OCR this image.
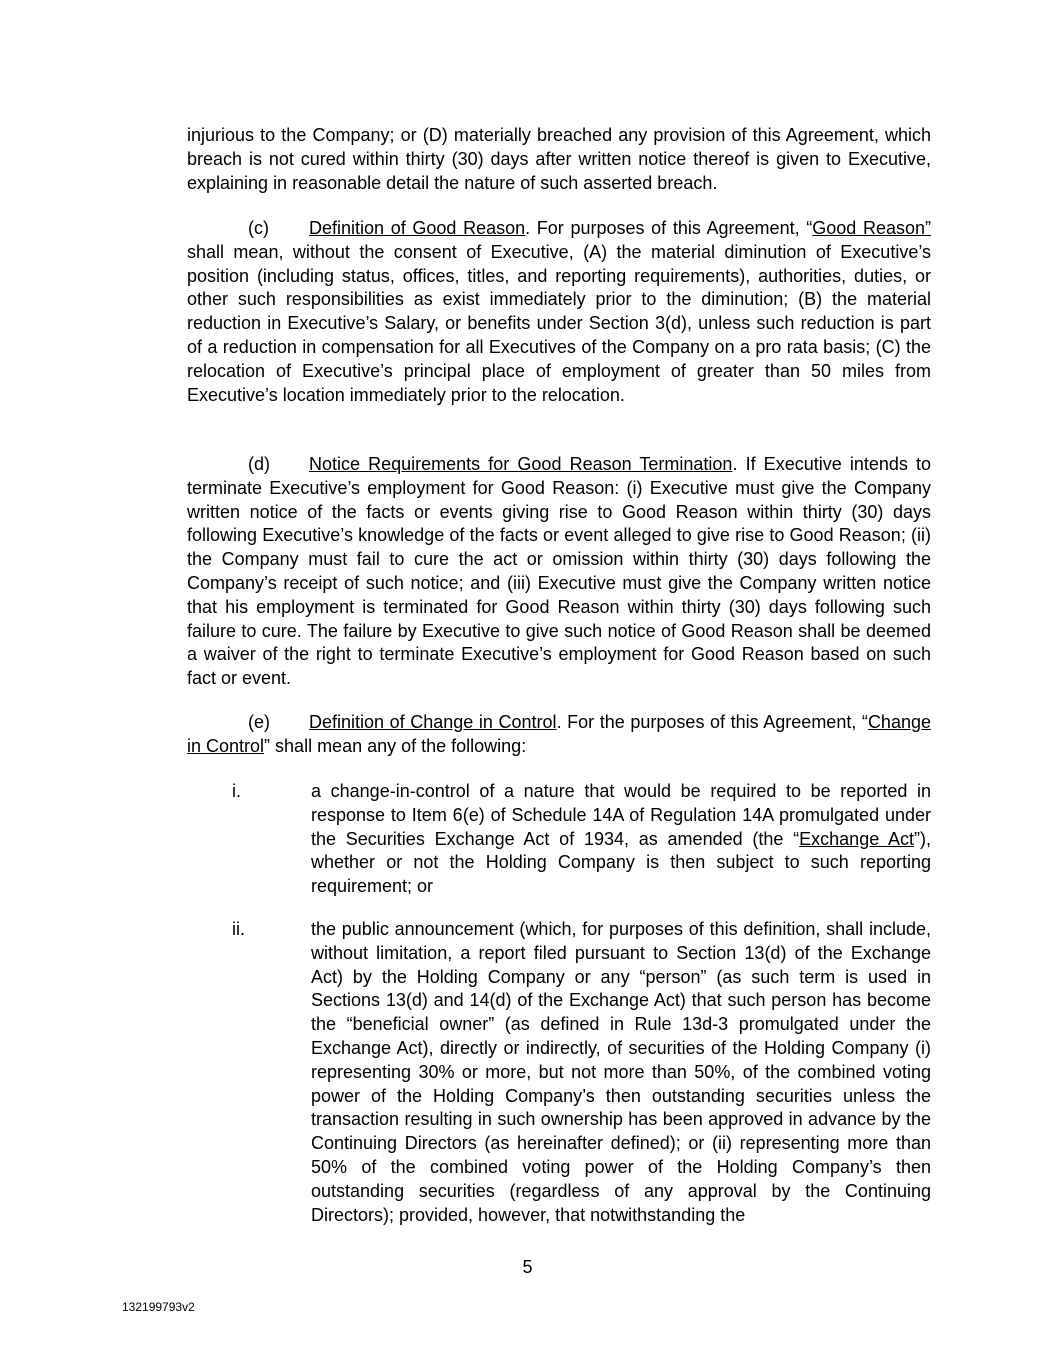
injurious to the Company; or (D) materially breached any provision of this Agreement, which breach is not cured within thirty (30) days after written notice thereof is given to Executive, explaining in reasonable detail the nature of such asserted breach.
(c) Definition of Good Reason. For purposes of this Agreement, “Good Reason” shall mean, without the consent of Executive, (A) the material diminution of Executive’s position (including status, offices, titles, and reporting requirements), authorities, duties, or other such responsibilities as exist immediately prior to the diminution; (B) the material reduction in Executive’s Salary, or benefits under Section 3(d), unless such reduction is part of a reduction in compensation for all Executives of the Company on a pro rata basis; (C) the relocation of Executive’s principal place of employment of greater than 50 miles from Executive’s location immediately prior to the relocation.
(d) Notice Requirements for Good Reason Termination. If Executive intends to terminate Executive’s employment for Good Reason: (i) Executive must give the Company written notice of the facts or events giving rise to Good Reason within thirty (30) days following Executive’s knowledge of the facts or event alleged to give rise to Good Reason; (ii) the Company must fail to cure the act or omission within thirty (30) days following the Company’s receipt of such notice; and (iii) Executive must give the Company written notice that his employment is terminated for Good Reason within thirty (30) days following such failure to cure. The failure by Executive to give such notice of Good Reason shall be deemed a waiver of the right to terminate Executive’s employment for Good Reason based on such fact or event.
(e) Definition of Change in Control. For the purposes of this Agreement, “Change in Control” shall mean any of the following:
i.	a change-in-control of a nature that would be required to be reported in response to Item 6(e) of Schedule 14A of Regulation 14A promulgated under the Securities Exchange Act of 1934, as amended (the “Exchange Act”), whether or not the Holding Company is then subject to such reporting requirement; or
ii.	the public announcement (which, for purposes of this definition, shall include, without limitation, a report filed pursuant to Section 13(d) of the Exchange Act) by the Holding Company or any “person” (as such term is used in Sections 13(d) and 14(d) of the Exchange Act) that such person has become the “beneficial owner” (as defined in Rule 13d-3 promulgated under the Exchange Act), directly or indirectly, of securities of the Holding Company (i) representing 30% or more, but not more than 50%, of the combined voting power of the Holding Company’s then outstanding securities unless the transaction resulting in such ownership has been approved in advance by the Continuing Directors (as hereinafter defined); or (ii) representing more than 50% of the combined voting power of the Holding Company’s then outstanding securities (regardless of any approval by the Continuing Directors); provided, however, that notwithstanding the
5
132199793v2
